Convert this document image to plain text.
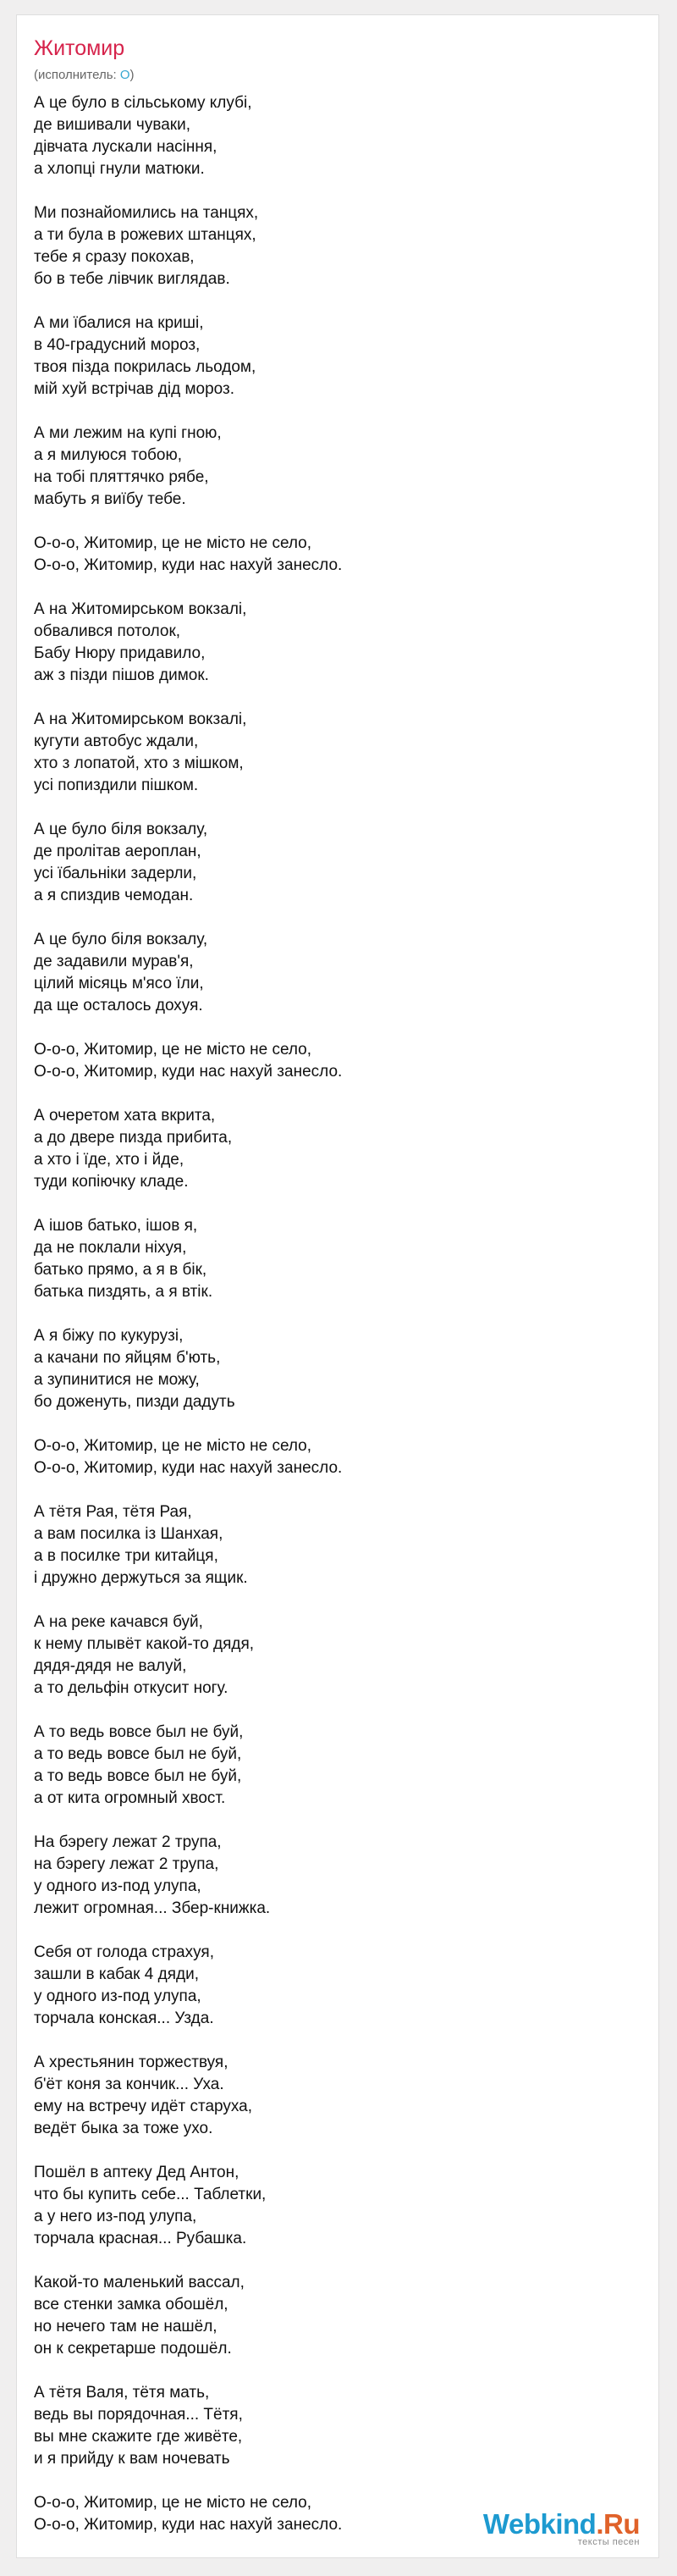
Житомир
(исполнитель: О)
А це було в сільському клубі,
де вишивали чуваки,
дівчата лускали насіння,
а хлопці гнули матюки.
Ми познайомились на танцях,
а ти була в рожевих штанцях,
тебе я сразу покохав,
бо в тебе лівчик виглядав.
А ми їбалися на криші,
в 40-градусний мороз,
твоя пізда покрилась льодом,
мій хуй встрічав дід мороз.
А ми лежим на купі гною,
а я милуюся тобою,
на тобі пляттячко рябе,
мабуть я виїбу тебе.
О-о-о, Житомир, це не місто не село,
О-о-о, Житомир, куди нас нахуй занесло.
А на Житомирськом вокзалі,
обвалився потолок,
Бабу Нюру придавило,
аж з пізди пішов димок.
А на Житомирськом вокзалі,
кугути автобус ждали,
хто з лопатой, хто з мішком,
усі попиздили пішком.
А це було біля вокзалу,
де пролітав аероплан,
усі їбальніки задерли,
а я спиздив чемодан.
А це було біля вокзалу,
де задавили мурав'я,
цілий місяць м'ясо їли,
да ще осталось дохуя.
О-о-о, Житомир, це не місто не село,
О-о-о, Житомир, куди нас нахуй занесло.
А очеретом хата вкрита,
а до двере пизда прибита,
а хто і їде, хто і йде,
туди копіючку кладе.
А ішов батько, ішов я,
да не поклали ніхуя,
батько прямо, а я в бік,
батька пиздять, а я втік.
А я біжу по кукурузі,
а качани по яйцям б'ють,
а зупинитися не можу,
бо доженуть, пизди дадуть
О-о-о, Житомир, це не місто не село,
О-о-о, Житомир, куди нас нахуй занесло.
А тётя Рая, тётя Рая,
а вам посилка із Шанхая,
а в посилке три китайця,
і дружно держуться за ящик.
А на реке качався буй,
к нему плывёт какой-то дядя,
дядя-дядя не валуй,
а то дельфін откусит ногу.
А то ведь вовсе был не буй,
а то ведь вовсе был не буй,
а то ведь вовсе был не буй,
а от кита огромный хвост.
На бэрегу лежат 2 трупа,
на бэрегу лежат 2 трупа,
у одного из-под улупа,
лежит огромная... Збер-книжка.
Себя от голода страхуя,
зашли в кабак 4 дяди,
у одного из-под улупа,
торчала конская... Узда.
А хрестьянин торжествуя,
б'ёт коня за кончик... Уха.
ему на встречу идёт старуха,
ведёт быка за тоже ухо.
Пошёл в аптеку Дед Антон,
что бы купить себе... Таблетки,
а у него из-под улупа,
торчала красная... Рубашка.
Какой-то маленький вассал,
все стенки замка обошёл,
но нечего там не нашёл,
он к секретарше подошёл.
А тётя Валя, тётя мать,
ведь вы порядочная... Тётя,
вы мне скажите где живёте,
и я прийду к вам ночевать
О-о-о, Житомир, це не місто не село,
О-о-о, Житомир, куди нас нахуй занесло.	Webkind.Ru
тексты песен
